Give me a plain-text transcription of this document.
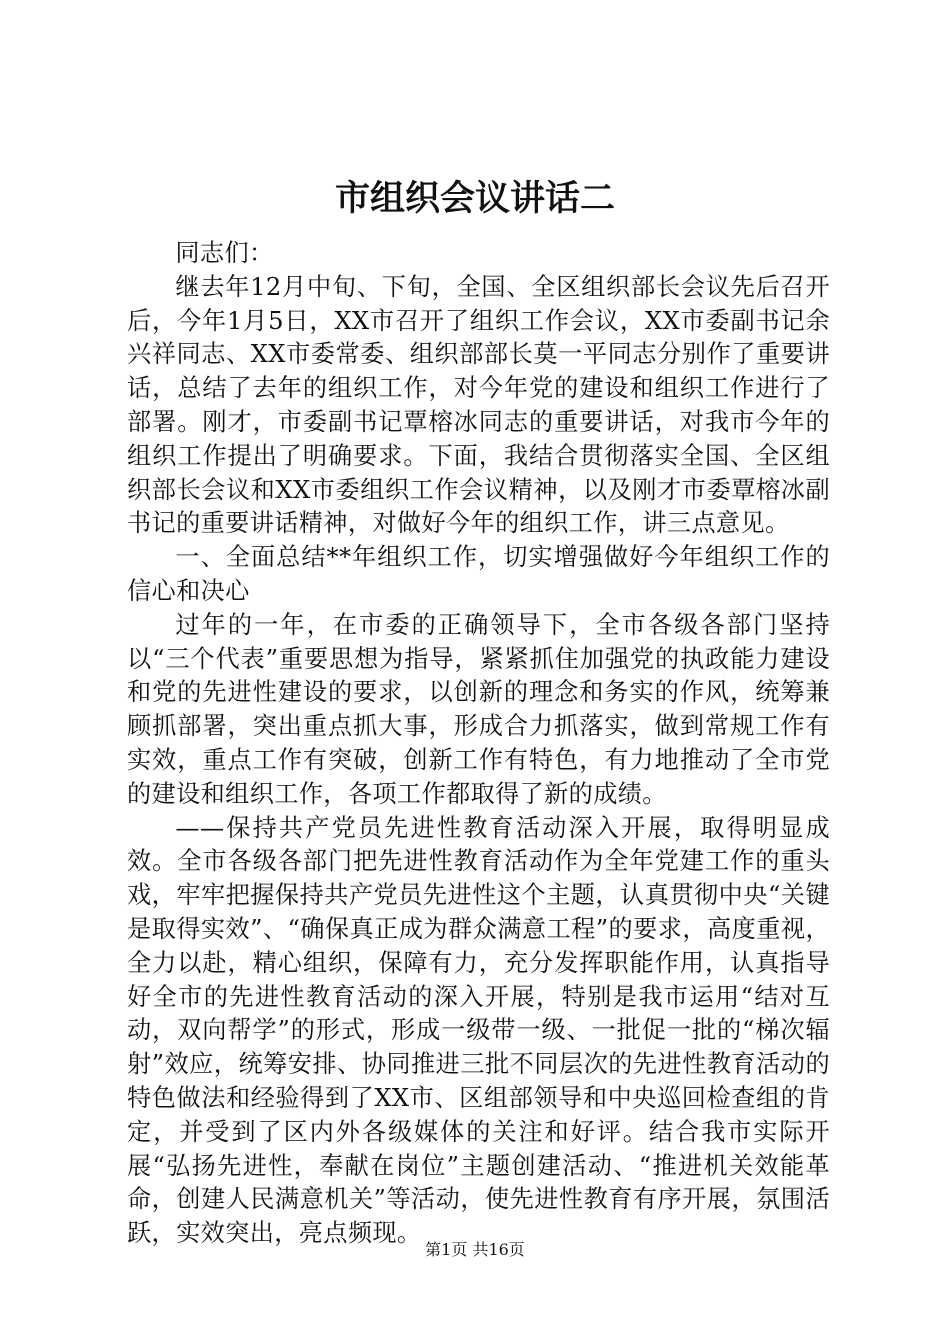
市组织会议讲话二

同志们：

继去年12月中旬、下旬，全国、全区组织部长会议先后召开后，今年1月5日，XX市召开了组织工作会议，XX市委副书记余兴祥同志、XX市委常委、组织部部长莫一平同志分别作了重要讲话，总结了去年的组织工作，对今年党的建设和组织工作进行了部署。刚才，市委副书记覃榕冰同志的重要讲话，对我市今年的组织工作提出了明确要求。下面，我结合贯彻落实全国、全区组织部长会议和XX市委组织工作会议精神，以及刚才市委覃榕冰副书记的重要讲话精神，对做好今年的组织工作，讲三点意见。

一、全面总结**年组织工作，切实增强做好今年组织工作的信心和决心

过年的一年，在市委的正确领导下，全市各级各部门坚持以“三个代表”重要思想为指导，紧紧抓住加强党的执政能力建设和党的先进性建设的要求，以创新的理念和务实的作风，统筹兼顾抓部署，突出重点抓大事，形成合力抓落实，做到常规工作有实效，重点工作有突破，创新工作有特色，有力地推动了全市党的建设和组织工作，各项工作都取得了新的成绩。

——保持共产党员先进性教育活动深入开展，取得明显成效。全市各级各部门把先进性教育活动作为全年党建工作的重头戏，牢牢把握保持共产党员先进性这个主题，认真贯彻中央“关键是取得实效”、“确保真正成为群众满意工程”的要求，高度重视，全力以赴，精心组织，保障有力，充分发挥职能作用，认真指导好全市的先进性教育活动的深入开展，特别是我市运用“结对互动，双向帮学”的形式，形成一级带一级、一批促一批的“梯次辐射”效应，统筹安排、协同推进三批不同层次的先进性教育活动的特色做法和经验得到了XX市、区组部领导和中央巡回检查组的肯定，并受到了区内外各级媒体的关注和好评。结合我市实际开展“弘扬先进性，奉献在岗位”主题创建活动、“推进机关效能革命，创建人民满意机关”等活动，使先进性教育有序开展，氛围活跃，实效突出，亮点频现。

第1页 共16页
